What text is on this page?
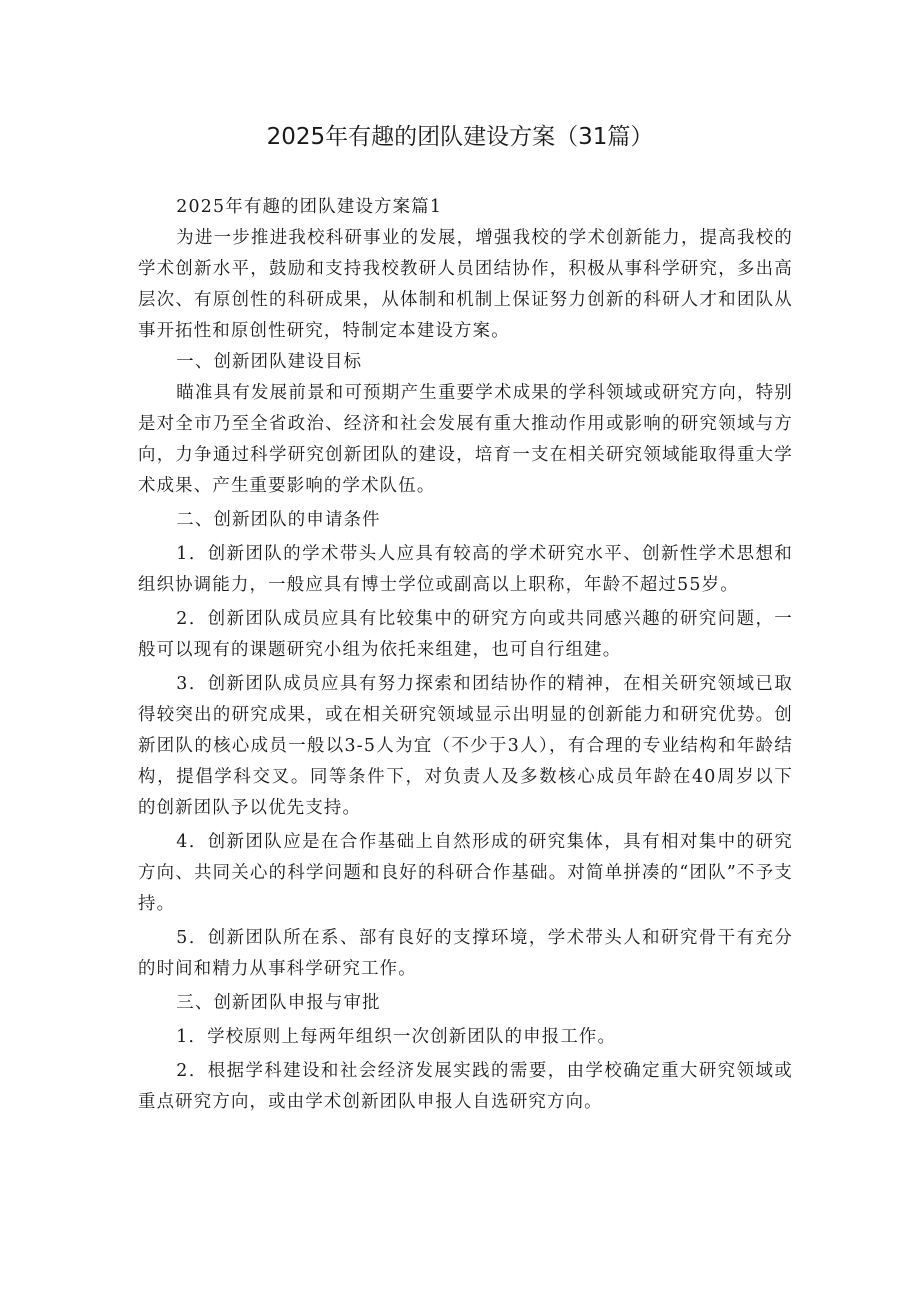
2025年有趣的团队建设方案（31篇）

2025年有趣的团队建设方案篇1

为进一步推进我校科研事业的发展，增强我校的学术创新能力，提高我校的学术创新水平，鼓励和支持我校教研人员团结协作，积极从事科学研究，多出高层次、有原创性的科研成果，从体制和机制上保证努力创新的科研人才和团队从事开拓性和原创性研究，特制定本建设方案。

一、创新团队建设目标

瞄准具有发展前景和可预期产生重要学术成果的学科领域或研究方向，特别是对全市乃至全省政治、经济和社会发展有重大推动作用或影响的研究领域与方向，力争通过科学研究创新团队的建设，培育一支在相关研究领域能取得重大学术成果、产生重要影响的学术队伍。

二、创新团队的申请条件

1．创新团队的学术带头人应具有较高的学术研究水平、创新性学术思想和组织协调能力，一般应具有博士学位或副高以上职称，年龄不超过55岁。

2．创新团队成员应具有比较集中的研究方向或共同感兴趣的研究问题，一般可以现有的课题研究小组为依托来组建，也可自行组建。

3．创新团队成员应具有努力探索和团结协作的精神，在相关研究领域已取得较突出的研究成果，或在相关研究领域显示出明显的创新能力和研究优势。创新团队的核心成员一般以3-5人为宜（不少于3人），有合理的专业结构和年龄结构，提倡学科交叉。同等条件下，对负责人及多数核心成员年龄在40周岁以下的创新团队予以优先支持。

4．创新团队应是在合作基础上自然形成的研究集体，具有相对集中的研究方向、共同关心的科学问题和良好的科研合作基础。对简单拼凑的“团队”不予支持。

5．创新团队所在系、部有良好的支撑环境，学术带头人和研究骨干有充分的时间和精力从事科学研究工作。

三、创新团队申报与审批

1．学校原则上每两年组织一次创新团队的申报工作。

2．根据学科建设和社会经济发展实践的需要，由学校确定重大研究领域或重点研究方向，或由学术创新团队申报人自选研究方向。
